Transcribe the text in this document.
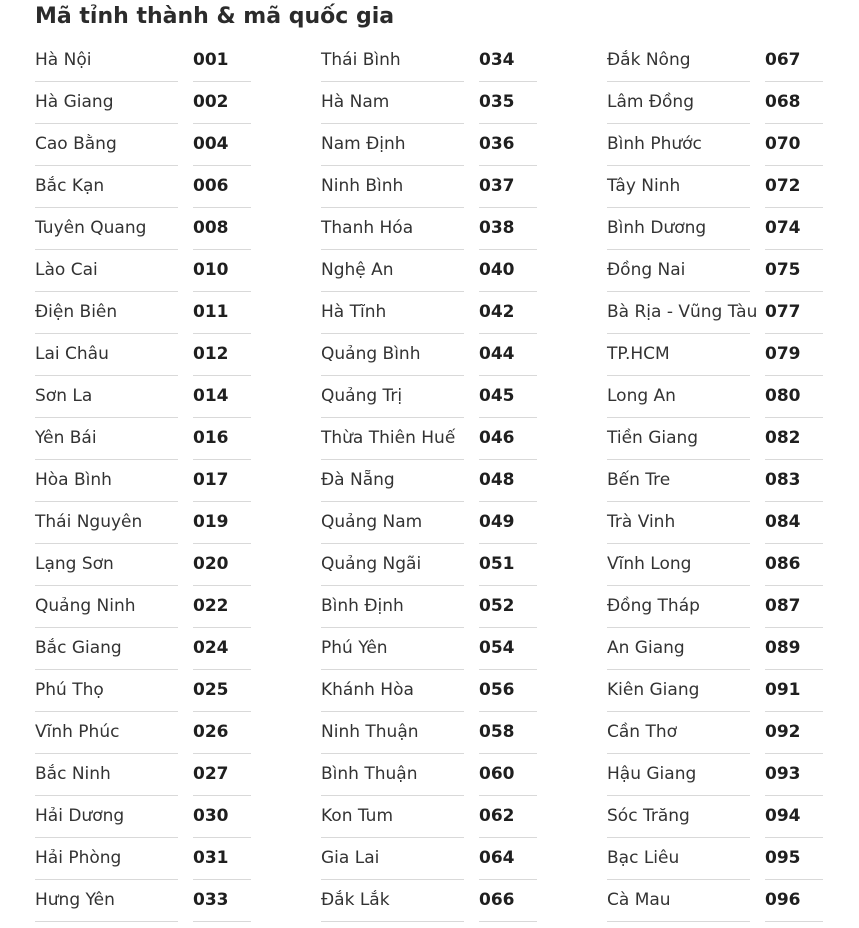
Mã tỉnh thành & mã quốc gia
Hà Nội	001
Hà Giang	002
Cao Bằng	004
Bắc Kạn	006
Tuyên Quang	008
Lào Cai	010
Điện Biên	011
Lai Châu	012
Sơn La	014
Yên Bái	016
Hòa Bình	017
Thái Nguyên	019
Lạng Sơn	020
Quảng Ninh	022
Bắc Giang	024
Phú Thọ	025
Vĩnh Phúc	026
Bắc Ninh	027
Hải Dương	030
Hải Phòng	031
Hưng Yên	033
Thái Bình	034
Hà Nam	035
Nam Định	036
Ninh Bình	037
Thanh Hóa	038
Nghệ An	040
Hà Tĩnh	042
Quảng Bình	044
Quảng Trị	045
Thừa Thiên Huế	046
Đà Nẵng	048
Quảng Nam	049
Quảng Ngãi	051
Bình Định	052
Phú Yên	054
Khánh Hòa	056
Ninh Thuận	058
Bình Thuận	060
Kon Tum	062
Gia Lai	064
Đắk Lắk	066
Đắk Nông	067
Lâm Đồng	068
Bình Phước	070
Tây Ninh	072
Bình Dương	074
Đồng Nai	075
Bà Rịa - Vũng Tàu 077
TP.HCM	079
Long An	080
Tiền Giang	082
Bến Tre	083
Trà Vinh	084
Vĩnh Long	086
Đồng Tháp	087
An Giang	089
Kiên Giang	091
Cần Thơ	092
Hậu Giang	093
Sóc Trăng	094
Bạc Liêu	095
Cà Mau	096
